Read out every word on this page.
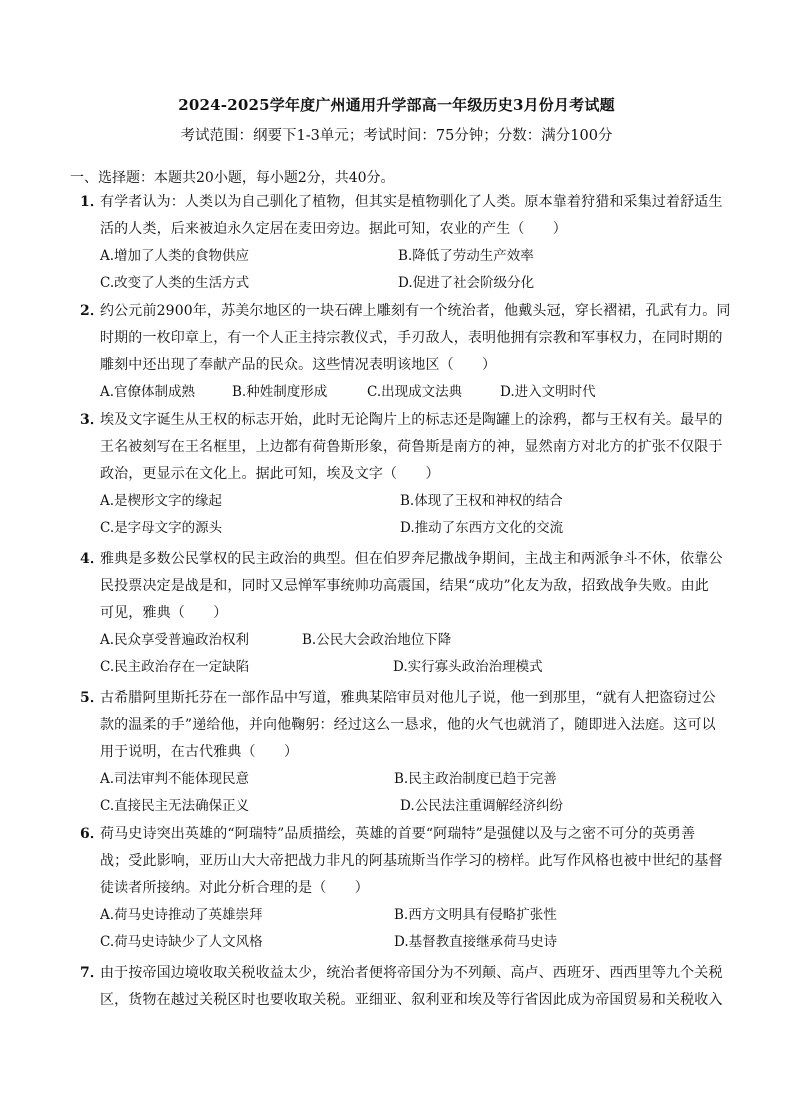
2024-2025学年度广州通用升学部高一年级历史3月份月考试题
考试范围：纲要下1-3单元；考试时间：75分钟；分数：满分100分
一、选择题：本题共20小题，每小题2分，共40分。
1．有学者认为：人类以为自己驯化了植物，但其实是植物驯化了人类。原本靠着狩猎和采集过着舒适生
活的人类，后来被迫永久定居在麦田旁边。据此可知，农业的产生（　　）
A.增加了人类的食物供应	B.降低了劳动生产效率
C.改变了人类的生活方式	D.促进了社会阶级分化
2．约公元前2900年，苏美尔地区的一块石碑上雕刻有一个统治者，他戴头冠，穿长褶裙，孔武有力。同
时期的一枚印章上，有一个人正主持宗教仪式，手刃敌人，表明他拥有宗教和军事权力，在同时期的
雕刻中还出现了奉献产品的民众。这些情况表明该地区（　　）
A.官僚体制成熟	B.种姓制度形成	C.出现成文法典	D.进入文明时代
3．埃及文字诞生从王权的标志开始，此时无论陶片上的标志还是陶罐上的涂鸦，都与王权有关。最早的
王名被刻写在王名框里，上边都有荷鲁斯形象，荷鲁斯是南方的神，显然南方对北方的扩张不仅限于
政治，更显示在文化上。据此可知，埃及文字（　　）
A.是楔形文字的缘起	B.体现了王权和神权的结合
C.是字母文字的源头	D.推动了东西方文化的交流
4．雅典是多数公民掌权的民主政治的典型。但在伯罗奔尼撒战争期间，主战主和两派争斗不休，依靠公
民投票决定是战是和，同时又忌惮军事统帅功高震国，结果“成功”化友为敌，招致战争失败。由此
可见，雅典（　　）
A.民众享受普遍政治权利	B.公民大会政治地位下降
C.民主政治存在一定缺陷	D.实行寡头政治治理模式
5．古希腊阿里斯托芬在一部作品中写道，雅典某陪审员对他儿子说，他一到那里，“就有人把盗窃过公
款的温柔的手”递给他，并向他鞠躬：经过这么一恳求，他的火气也就消了，随即进入法庭。这可以
用于说明，在古代雅典（　　）
A.司法审判不能体现民意	B.民主政治制度已趋于完善
C.直接民主无法确保正义	D.公民法注重调解经济纠纷
6．荷马史诗突出英雄的“阿瑞特”品质描绘，英雄的首要“阿瑞特”是强健以及与之密不可分的英勇善
战；受此影响，亚历山大大帝把战力非凡的阿基琉斯当作学习的榜样。此写作风格也被中世纪的基督
徒读者所接纳。对此分析合理的是（　　）
A.荷马史诗推动了英雄崇拜	B.西方文明具有侵略扩张性
C.荷马史诗缺少了人文风格	D.基督教直接继承荷马史诗
7．由于按帝国边境收取关税收益太少，统治者便将帝国分为不列颠、高卢、西班牙、西西里等九个关税
区，货物在越过关税区时也要收取关税。亚细亚、叙利亚和埃及等行省因此成为帝国贸易和关税收入
